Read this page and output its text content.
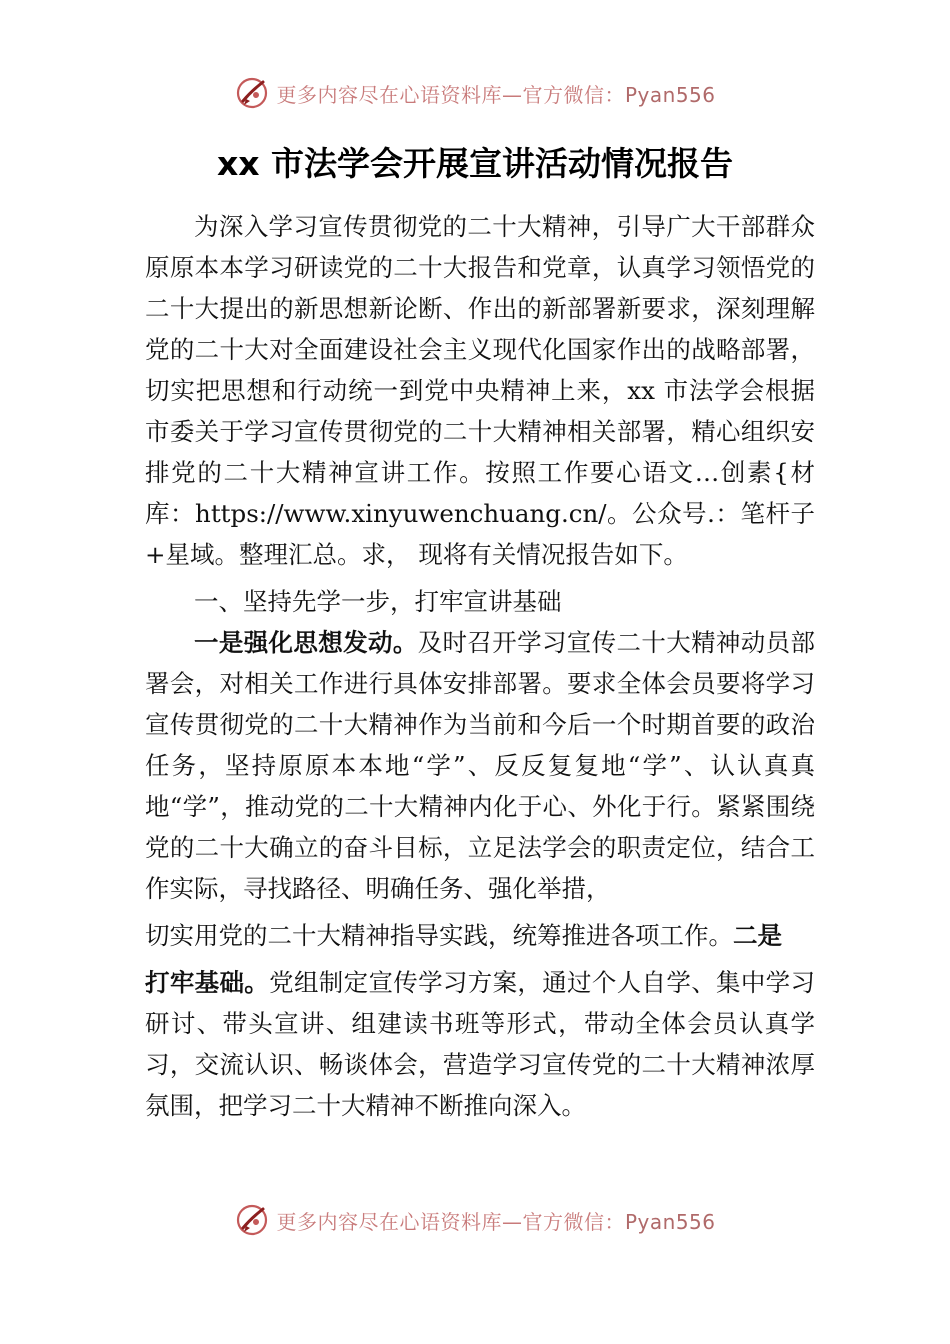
更多内容尽在心语资料库—官方微信：Pyan556
xx 市法学会开展宣讲活动情况报告

为深入学习宣传贯彻党的二十大精神，引导广大干部群众原原本本学习研读党的二十大报告和党章，认真学习领悟党的二十大提出的新思想新论断、作出的新部署新要求，深刻理解党的二十大对全面建设社会主义现代化国家作出的战略部署，切实把思想和行动统一到党中央精神上来，xx 市法学会根据市委关于学习宣传贯彻党的二十大精神相关部署，精心组织安排党的二十大精神宣讲工作。按照工作要心语文…创素{材库：https://www.xinyuwenchuang.cn/。公众号.：笔杆子+星域。整理汇总。求， 现将有关情况报告如下。

一、坚持先学一步，打牢宣讲基础

一是强化思想发动。及时召开学习宣传二十大精神动员部署会，对相关工作进行具体安排部署。要求全体会员要将学习宣传贯彻党的二十大精神作为当前和今后一个时期首要的政治任务，坚持原原本本地“学”、反反复复地“学”、认认真真地“学”，推动党的二十大精神内化于心、外化于行。紧紧围绕党的二十大确立的奋斗目标，立足法学会的职责定位，结合工作实际，寻找路径、明确任务、强化举措，

切实用党的二十大精神指导实践，统筹推进各项工作。二是

打牢基础。党组制定宣传学习方案，通过个人自学、集中学习研讨、带头宣讲、组建读书班等形式，带动全体会员认真学习，交流认识、畅谈体会，营造学习宣传党的二十大精神浓厚氛围，把学习二十大精神不断推向深入。

更多内容尽在心语资料库—官方微信：Pyan556
